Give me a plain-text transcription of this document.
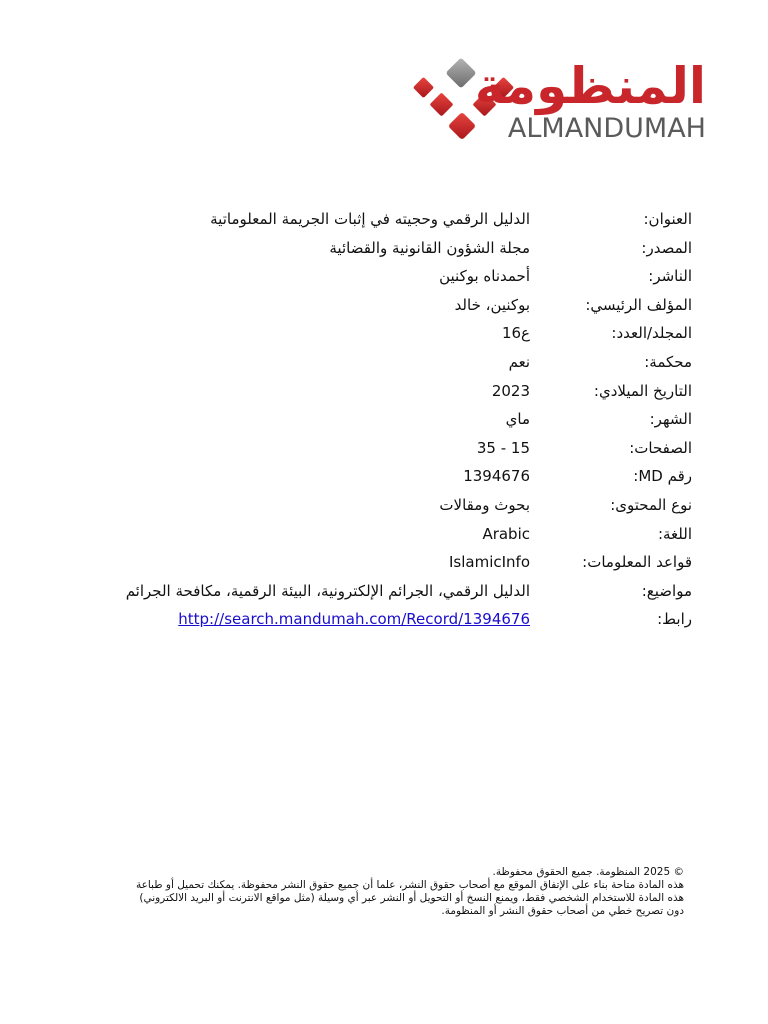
المنظومة
ALMANDUMAH
العنوان:
الدليل الرقمي وحجيته في إثبات الجريمة المعلوماتية
المصدر:
مجلة الشؤون القانونية والقضائية
الناشر:
أحمدناه بوكنين
المؤلف الرئيسي:
بوكنين، خالد
المجلد/العدد:
ع16
محكمة:
نعم
التاريخ الميلادي:
2023
الشهر:
ماي
الصفحات:
15 - 35
رقم MD:
1394676
نوع المحتوى:
بحوث ومقالات
اللغة:
Arabic
قواعد المعلومات:
IslamicInfo
مواضيع:
الدليل الرقمي، الجرائم الإلكترونية، البيئة الرقمية، مكافحة الجرائم
رابط:
http://search.mandumah.com/Record/1394676

© 2025 المنظومة. جميع الحقوق محفوظة.

هذه المادة متاحة بناء على الإتفاق الموقع مع أصحاب حقوق النشر، علما أن جميع حقوق النشر محفوظة. يمكنك تحميل أو طباعة

هذه المادة للاستخدام الشخصي فقط، ويمنع النسخ أو التحويل أو النشر عبر أي وسيلة (مثل مواقع الانترنت أو البريد الالكتروني)

دون تصريح خطي من أصحاب حقوق النشر أو المنظومة.
